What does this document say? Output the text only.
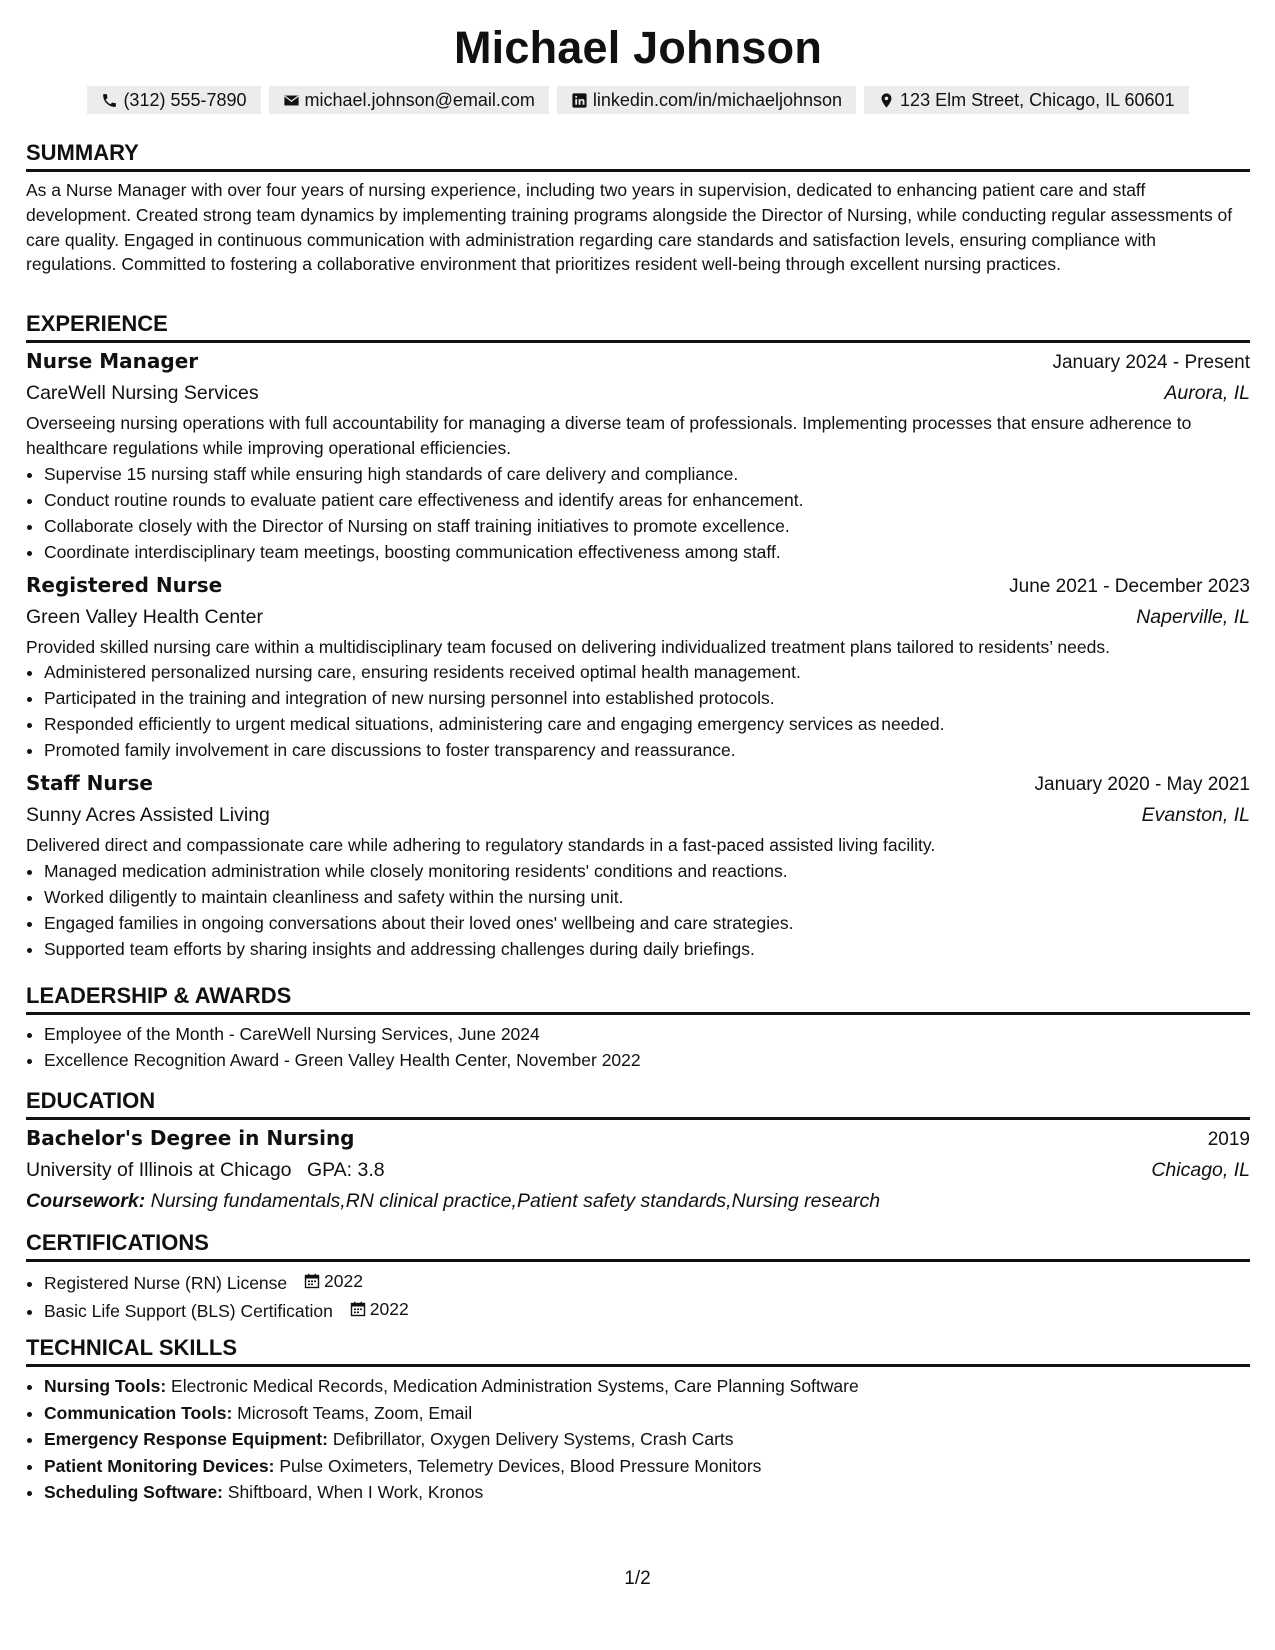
Michael Johnson
(312) 555-7890	michael.johnson@email.com	linkedin.com/in/michaeljohnson	123 Elm Street, Chicago, IL 60601
SUMMARY

As a Nurse Manager with over four years of nursing experience, including two years in supervision, dedicated to enhancing patient care and staff development. Created strong team dynamics by implementing training programs alongside the Director of Nursing, while conducting regular assessments of care quality. Engaged in continuous communication with administration regarding care standards and satisfaction levels, ensuring compliance with regulations. Committed to fostering a collaborative environment that prioritizes resident well-being through excellent nursing practices.

EXPERIENCE
Nurse Manager	January 2024 - Present
CareWell Nursing Services	Aurora, IL

Overseeing nursing operations with full accountability for managing a diverse team of professionals. Implementing processes that ensure adherence to healthcare regulations while improving operational efficiencies.

• Supervise 15 nursing staff while ensuring high standards of care delivery and compliance.
• Conduct routine rounds to evaluate patient care effectiveness and identify areas for enhancement.
• Collaborate closely with the Director of Nursing on staff training initiatives to promote excellence.
• Coordinate interdisciplinary team meetings, boosting communication effectiveness among staff.
Registered Nurse	June 2021 - December 2023
Green Valley Health Center	Naperville, IL

Provided skilled nursing care within a multidisciplinary team focused on delivering individualized treatment plans tailored to residents’ needs.

• Administered personalized nursing care, ensuring residents received optimal health management.
• Participated in the training and integration of new nursing personnel into established protocols.
• Responded efficiently to urgent medical situations, administering care and engaging emergency services as needed.
• Promoted family involvement in care discussions to foster transparency and reassurance.
Staff Nurse	January 2020 - May 2021
Sunny Acres Assisted Living	Evanston, IL

Delivered direct and compassionate care while adhering to regulatory standards in a fast-paced assisted living facility.

• Managed medication administration while closely monitoring residents' conditions and reactions.
• Worked diligently to maintain cleanliness and safety within the nursing unit.
• Engaged families in ongoing conversations about their loved ones' wellbeing and care strategies.
• Supported team efforts by sharing insights and addressing challenges during daily briefings.
LEADERSHIP & AWARDS
• Employee of the Month - CareWell Nursing Services, June 2024
• Excellence Recognition Award - Green Valley Health Center, November 2022
EDUCATION
Bachelor's Degree in Nursing	2019
University of Illinois at Chicago GPA: 3.8	Chicago, IL
Coursework: Nursing fundamentals,RN clinical practice,Patient safety standards,Nursing research
CERTIFICATIONS
• Registered Nurse (RN) License 2022
• Basic Life Support (BLS) Certification 2022
TECHNICAL SKILLS
• Nursing Tools: Electronic Medical Records, Medication Administration Systems, Care Planning Software
• Communication Tools: Microsoft Teams, Zoom, Email
• Emergency Response Equipment: Defibrillator, Oxygen Delivery Systems, Crash Carts
• Patient Monitoring Devices: Pulse Oximeters, Telemetry Devices, Blood Pressure Monitors
• Scheduling Software: Shiftboard, When I Work, Kronos
1/2
